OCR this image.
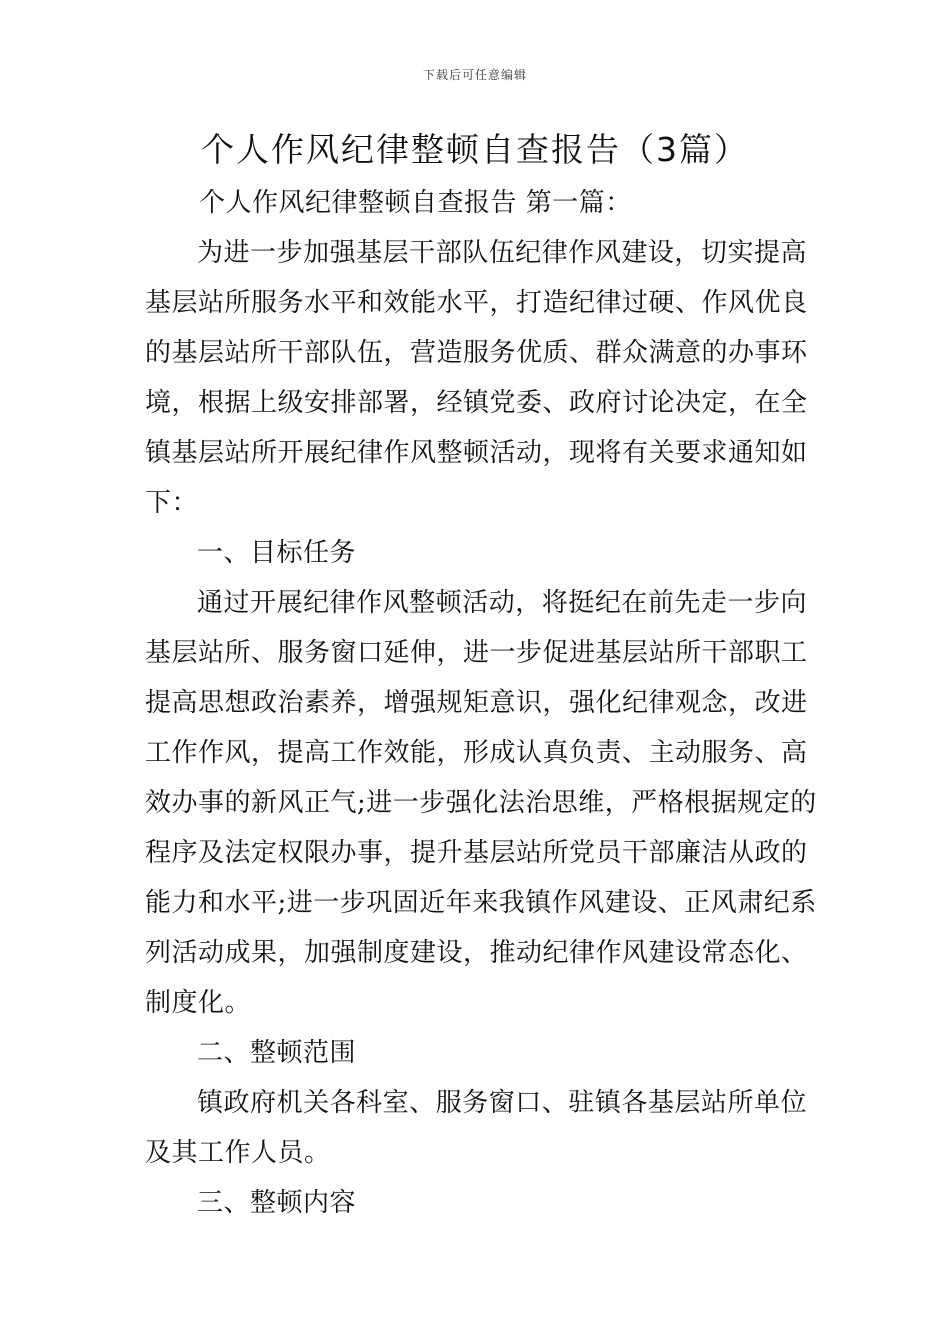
下载后可任意编辑
个人作风纪律整顿自查报告（3篇）
个人作风纪律整顿自查报告 第一篇：
为进一步加强基层干部队伍纪律作风建设，切实提高
基层站所服务水平和效能水平，打造纪律过硬、作风优良
的基层站所干部队伍，营造服务优质、群众满意的办事环
境，根据上级安排部署，经镇党委、政府讨论决定，在全
镇基层站所开展纪律作风整顿活动，现将有关要求通知如
下：
一、目标任务
通过开展纪律作风整顿活动，将挺纪在前先走一步向
基层站所、服务窗口延伸，进一步促进基层站所干部职工
提高思想政治素养，增强规矩意识，强化纪律观念，改进
工作作风，提高工作效能，形成认真负责、主动服务、高
效办事的新风正气;进一步强化法治思维，严格根据规定的
程序及法定权限办事，提升基层站所党员干部廉洁从政的
能力和水平;进一步巩固近年来我镇作风建设、正风肃纪系
列活动成果，加强制度建设，推动纪律作风建设常态化、
制度化。
二、整顿范围
镇政府机关各科室、服务窗口、驻镇各基层站所单位
及其工作人员。
三、整顿内容
